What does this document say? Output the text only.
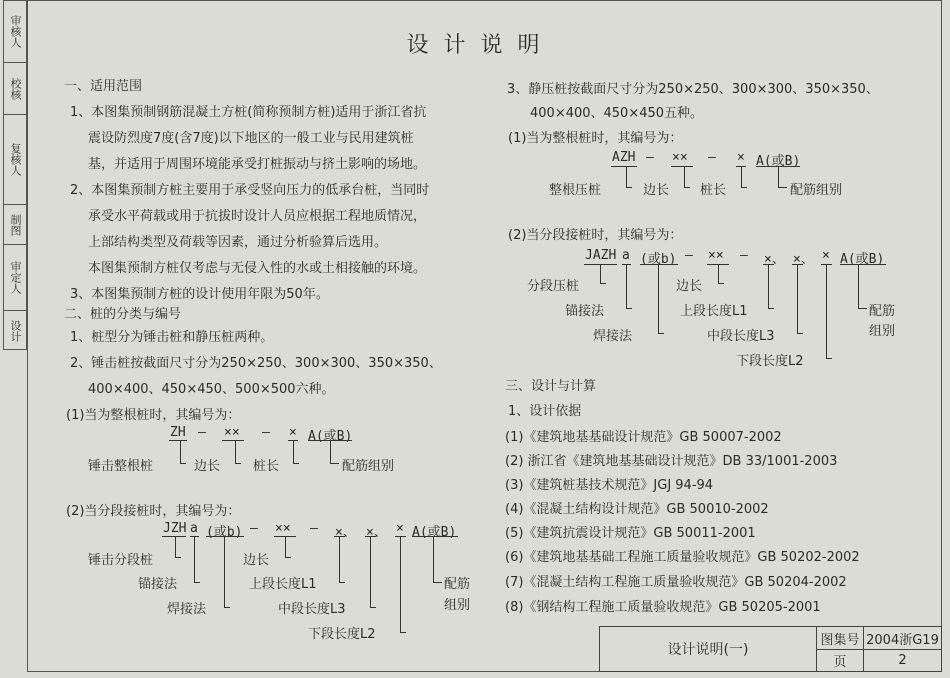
审核人
校核
复核人
制图
审定人
设计
设 计 说 明
一、适用范围
1、本图集预制钢筋混凝土方桩(简称预制方桩)适用于浙江省抗
震设防烈度7度(含7度)以下地区的一般工业与民用建筑桩
基，并适用于周围环境能承受打桩振动与挤土影响的场地。
2、本图集预制方桩主要用于承受竖向压力的低承台桩，当同时
承受水平荷载或用于抗拔时设计人员应根据工程地质情况，
上部结构类型及荷载等因素，通过分析验算后选用。
本图集预制方桩仅考虑与无侵入性的水或土相接触的环境。
3、本图集预制方桩的设计使用年限为50年。
二、桩的分类与编号
1、桩型分为锤击桩和静压桩两种。
2、锤击桩按截面尺寸分为250×250、300×300、350×350、
400×400、450×450、500×500六种。
(1)当为整根桩时，其编号为：
ZH — ×× — × A(或B)
锤击整根桩	边长	桩长	配筋组别
(2)当分段接桩时，其编号为：
JZH a (或b) — ×× — ×、 ×、 × A(或B)
锤击分段桩	边长
锚接法	上段长度L1
焊接法	中段长度L3
下段长度L2
配筋
组别
3、静压桩按截面尺寸分为250×250、300×300、350×350、
400×400、450×450五种。
(1)当为整根桩时，其编号为：
AZH — ×× — × A(或B)
整根压桩	边长 桩长	配筋组别
(2)当分段接桩时，其编号为：
JAZH a (或b) — ×× — ×、 ×、 × A(或B)
分段压桩	边长
锚接法	上段长度L1
焊接法	中段长度L3
下段长度L2
配筋
组别
三、设计与计算
1、设计依据
(1)《建筑地基基础设计规范》GB 50007-2002
(2) 浙江省《建筑地基基础设计规范》DB 33/1001-2003
(3)《建筑桩基技术规范》JGJ 94-94
(4)《混凝土结构设计规范》GB 50010-2002
(5)《建筑抗震设计规范》GB 50011-2001
(6)《建筑地基基础工程施工质量验收规范》GB 50202-2002
(7)《混凝土结构工程施工质量验收规范》GB 50204-2002
(8)《钢结构工程施工质量验收规范》GB 50205-2001
设计说明(一)
图集号 2004浙G19
页	2
